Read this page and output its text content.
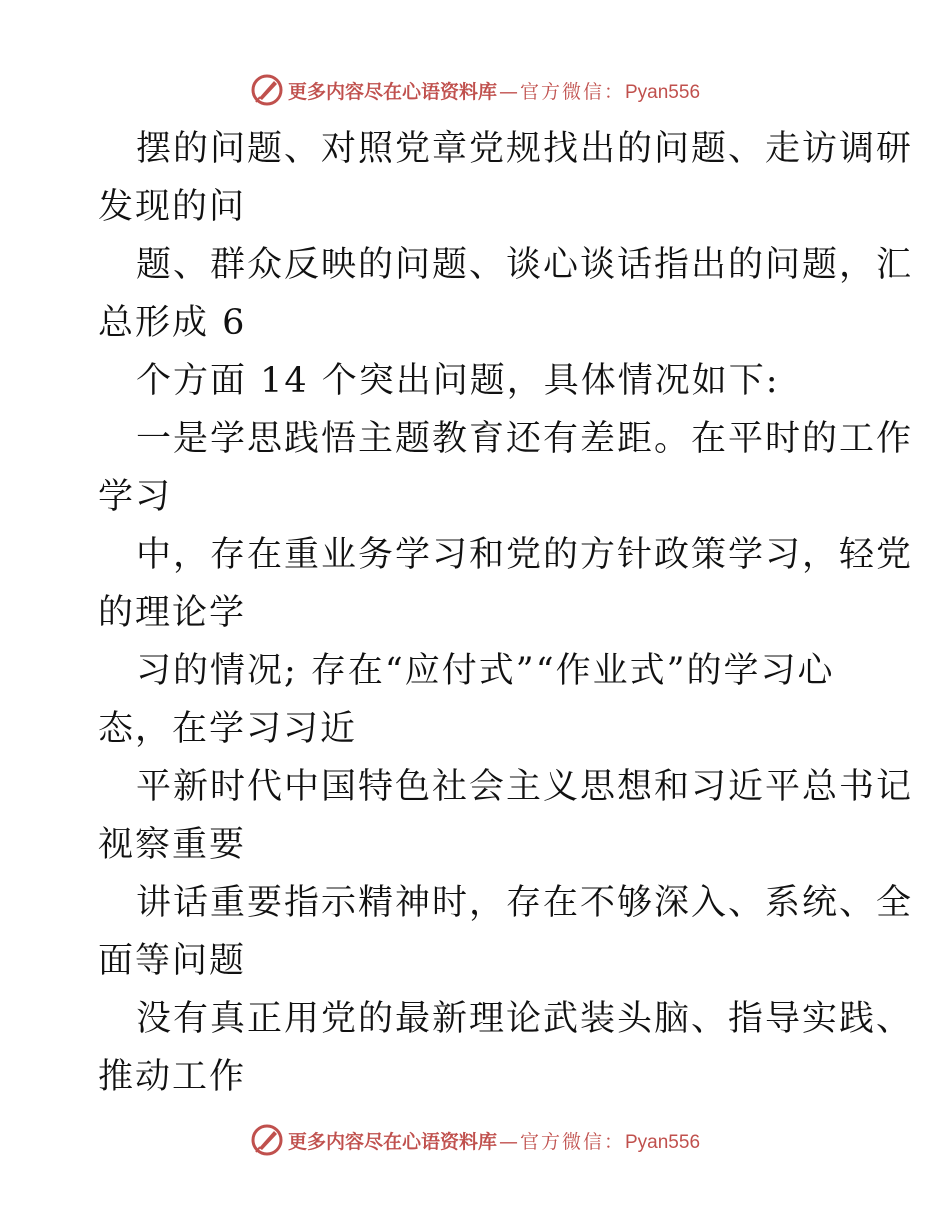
更多内容尽在心语资料库 — 官方微信：Pyan556
摆的问题、对照党章党规找出的问题、走访调研
发现的问
题、群众反映的问题、谈心谈话指出的问题，汇
总形成 6
个方面 14 个突出问题，具体情况如下:
一是学思践悟主题教育还有差距。在平时的工作
学习
中，存在重业务学习和党的方针政策学习，轻党
的理论学
习的情况; 存在“应付式”“作业式”的学习心
态，在学习习近
平新时代中国特色社会主义思想和习近平总书记
视察重要
讲话重要指示精神时，存在不够深入、系统、全
面等问题
没有真正用党的最新理论武装头脑、指导实践、
推动工作
更多内容尽在心语资料库 — 官方微信：Pyan556
